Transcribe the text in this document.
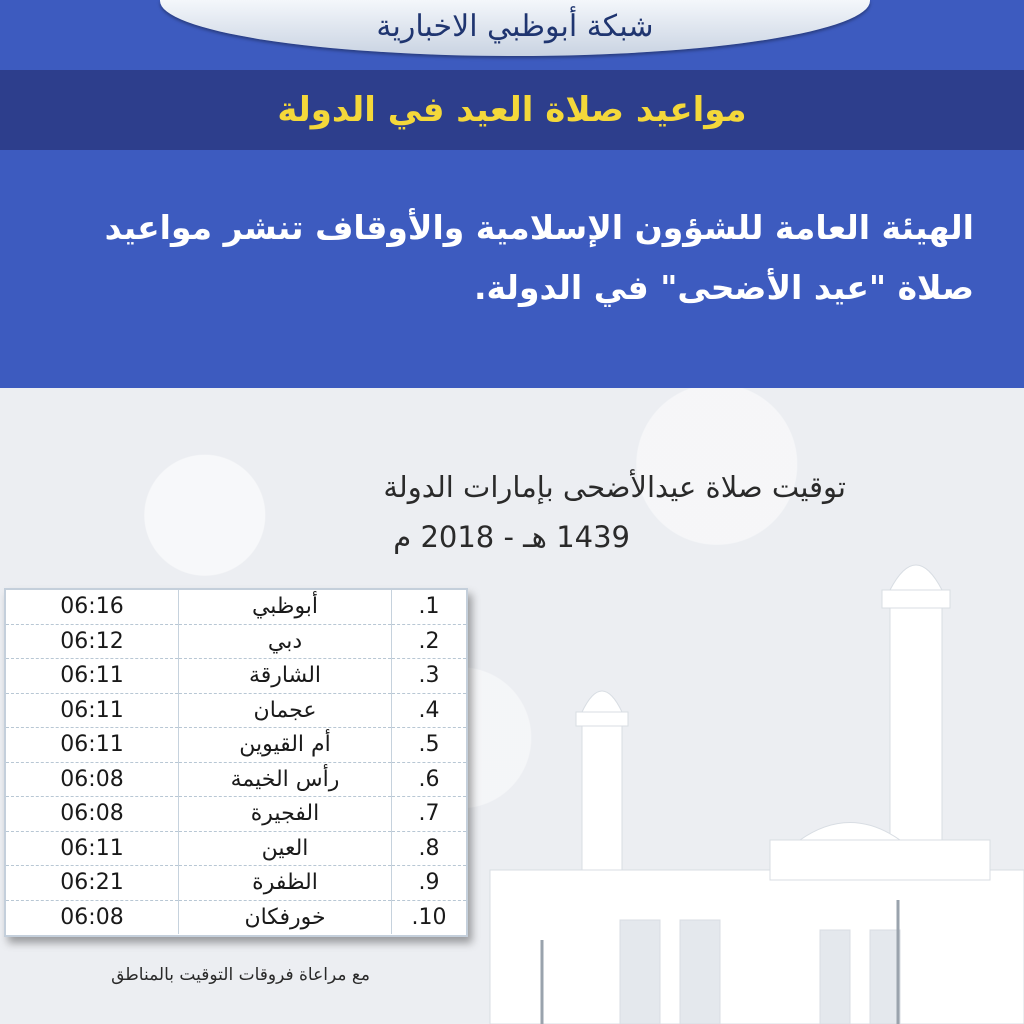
شبكة أبوظبي الاخبارية
مواعيد صلاة العيد في الدولة
الهيئة العامة للشؤون الإسلامية والأوقاف تنشر مواعيد صلاة "عيد الأضحى" في الدولة.
توقيت صلاة عيدالأضحى بإمارات الدولة
1439 هـ - 2018 م
06:16	أبوظبي	1.
06:12	دبي	2.
06:11	الشارقة	3.
06:11	عجمان	4.
06:11	أم القيوين	5.
06:08	رأس الخيمة	6.
06:08	الفجيرة	7.
06:11	العين	8.
06:21	الظفرة	9.
06:08	خورفكان	10.
مع مراعاة فروقات التوقيت بالمناطق
